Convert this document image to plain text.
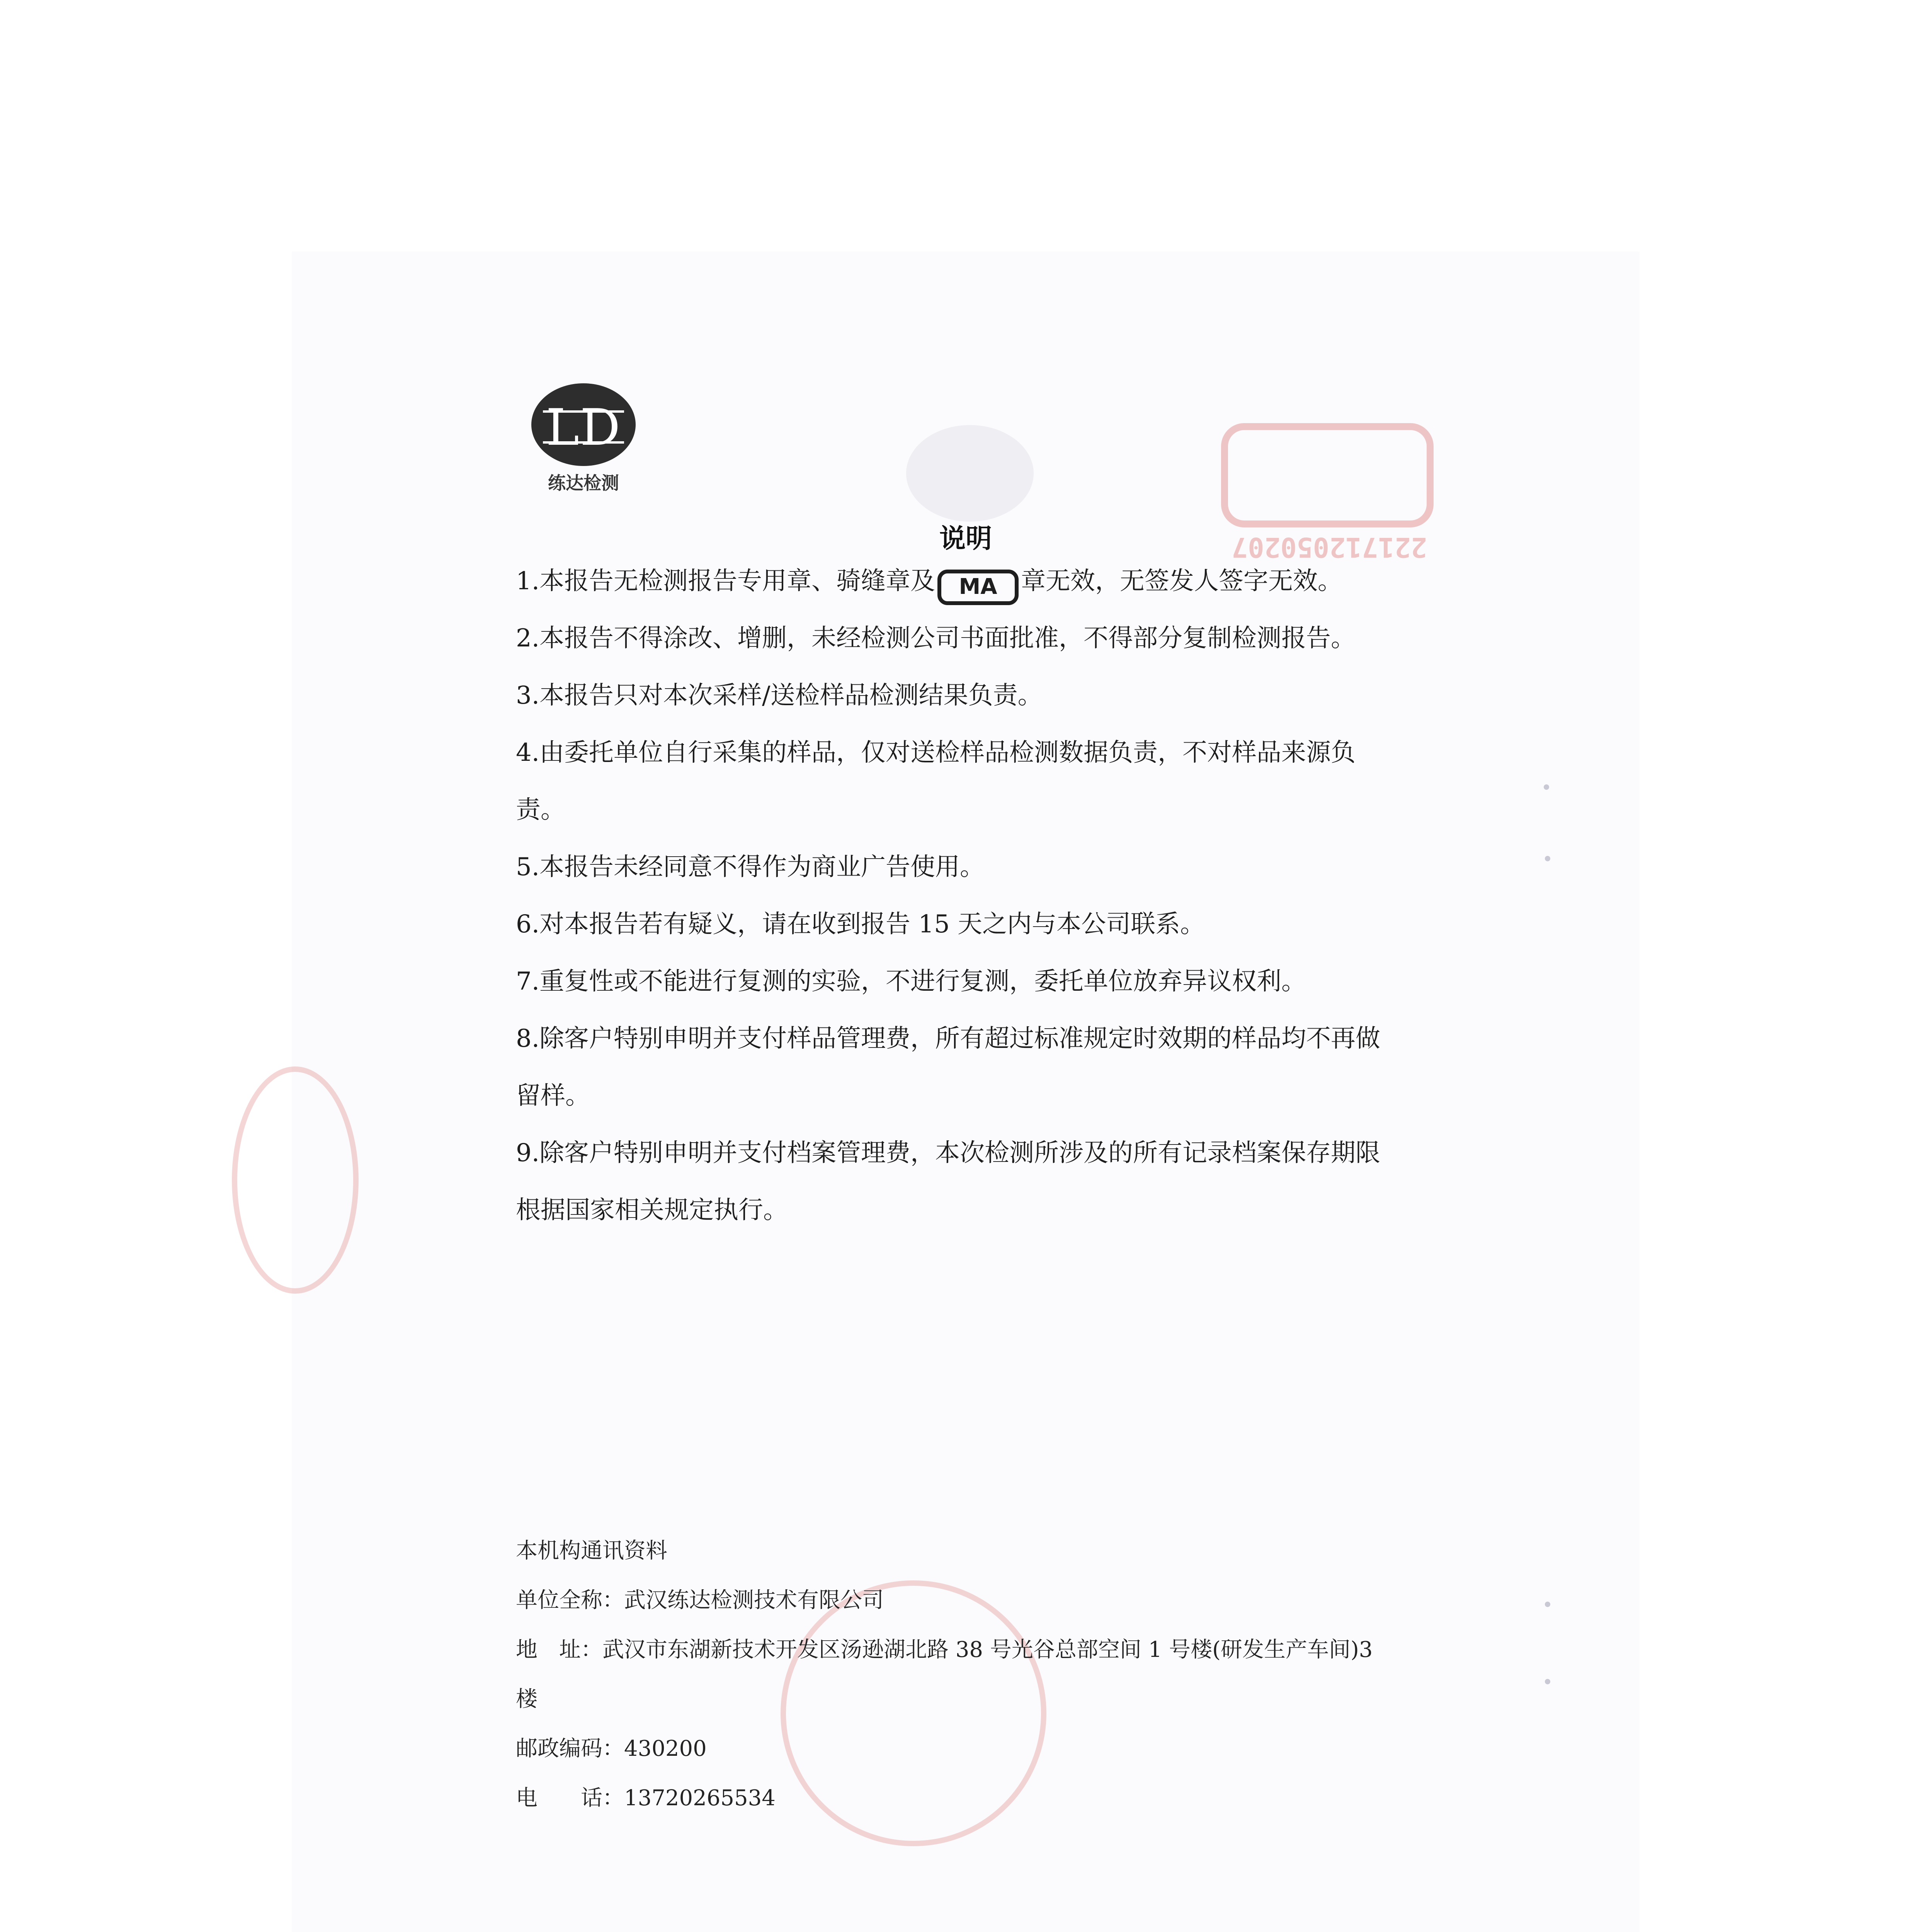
221712050207
LD
练达检测
说明

1.本报告无检测报告专用章、骑缝章及 MA 章无效，无签发人签字无效。

2.本报告不得涂改、增删，未经检测公司书面批准，不得部分复制检测报告。

3.本报告只对本次采样/送检样品检测结果负责。

4.由委托单位自行采集的样品，仅对送检样品检测数据负责，不对样品来源负责。

5.本报告未经同意不得作为商业广告使用。

6.对本报告若有疑义，请在收到报告 15 天之内与本公司联系。

7.重复性或不能进行复测的实验，不进行复测，委托单位放弃异议权利。

8.除客户特别申明并支付样品管理费，所有超过标准规定时效期的样品均不再做留样。

9.除客户特别申明并支付档案管理费，本次检测所涉及的所有记录档案保存期限根据国家相关规定执行。

本机构通讯资料

单位全称：武汉练达检测技术有限公司

地　址：武汉市东湖新技术开发区汤逊湖北路 38 号光谷总部空间 1 号楼(研发生产车间)3 楼

邮政编码：430200

电　　话：13720265534
